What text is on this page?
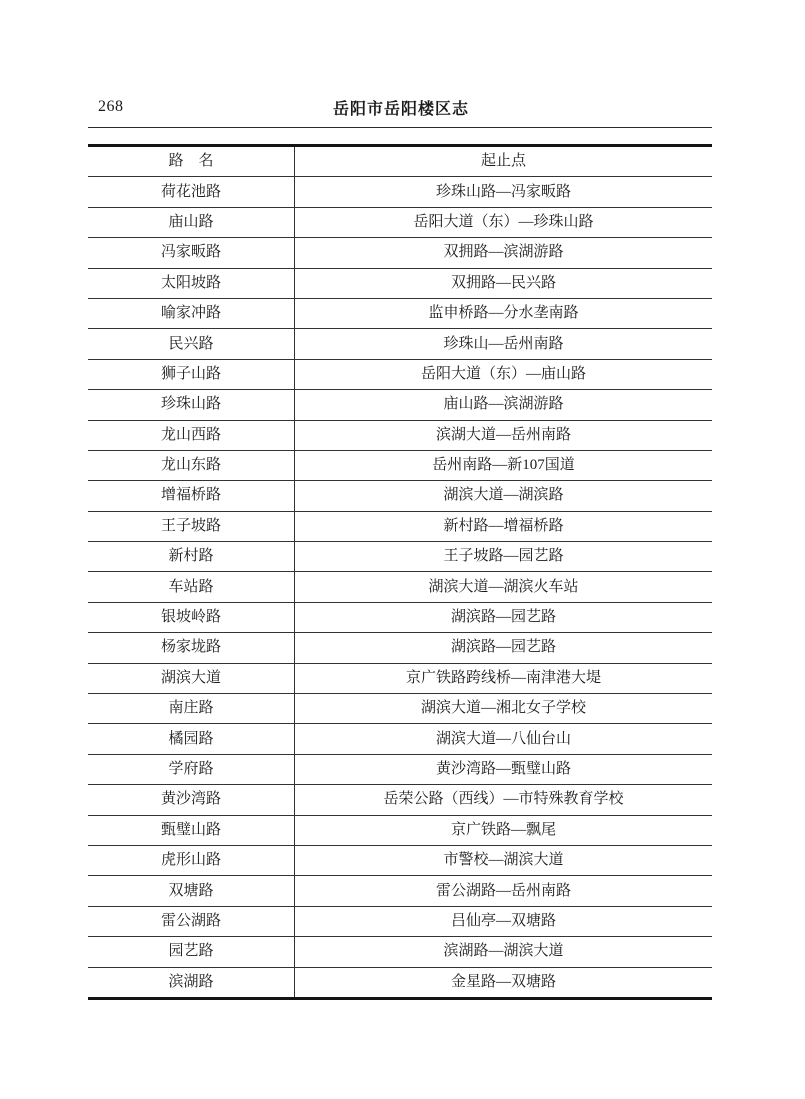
268	岳阳市岳阳楼区志
路　名	起止点
荷花池路	珍珠山路—冯家畈路
庙山路	岳阳大道（东）—珍珠山路
冯家畈路	双拥路—滨湖游路
太阳坡路	双拥路—民兴路
喻家冲路	监申桥路—分水垄南路
民兴路	珍珠山—岳州南路
狮子山路	岳阳大道（东）—庙山路
珍珠山路	庙山路—滨湖游路
龙山西路	滨湖大道—岳州南路
龙山东路	岳州南路—新107国道
增福桥路	湖滨大道—湖滨路
王子坡路	新村路—增福桥路
新村路	王子坡路—园艺路
车站路	湖滨大道—湖滨火车站
银坡岭路	湖滨路—园艺路
杨家垅路	湖滨路—园艺路
湖滨大道	京广铁路跨线桥—南津港大堤
南庄路	湖滨大道—湘北女子学校
橘园路	湖滨大道—八仙台山
学府路	黄沙湾路—甄璧山路
黄沙湾路	岳荣公路（西线）—市特殊教育学校
甄璧山路	京广铁路—飘尾
虎形山路	市警校—湖滨大道
双塘路	雷公湖路—岳州南路
雷公湖路	吕仙亭—双塘路
园艺路	滨湖路—湖滨大道
滨湖路	金星路—双塘路
